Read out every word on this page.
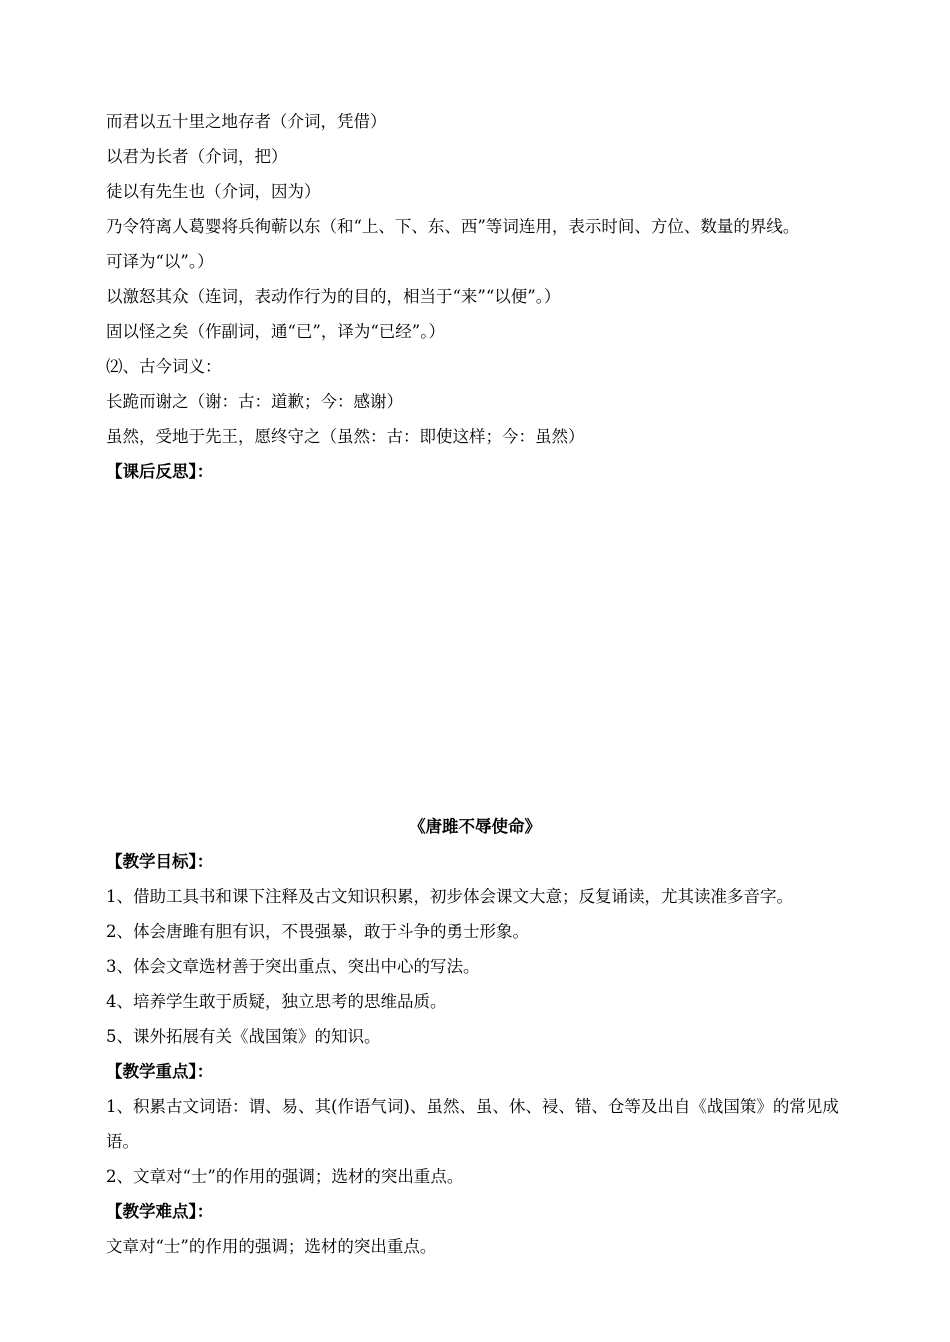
而君以五十里之地存者（介词，凭借）
以君为长者（介词，把）
徒以有先生也（介词，因为）
乃令符离人葛婴将兵徇蕲以东（和“上、下、东、西”等词连用，表示时间、方位、数量的界线。
可译为“以”。）
以激怒其众（连词，表动作行为的目的，相当于“来”“以便”。）
固以怪之矣（作副词，通“已”，译为“已经”。）
⑵、古今词义：
长跪而谢之（谢：古：道歉；今：感谢）
虽然，受地于先王，愿终守之（虽然：古：即使这样；今：虽然）
【课后反思】：
《唐雎不辱使命》
【教学目标】：
1、借助工具书和课下注释及古文知识积累，初步体会课文大意；反复诵读，尤其读准多音字。
2、体会唐雎有胆有识，不畏强暴，敢于斗争的勇士形象。
3、体会文章选材善于突出重点、突出中心的写法。
4、培养学生敢于质疑，独立思考的思维品质。
5、课外拓展有关《战国策》的知识。
【教学重点】：
1、积累古文词语：谓、易、其(作语气词)、虽然、虽、休、祲、错、仓等及出自《战国策》的常见成
语。
2、文章对“士”的作用的强调；选材的突出重点。
【教学难点】：
文章对“士”的作用的强调；选材的突出重点。
